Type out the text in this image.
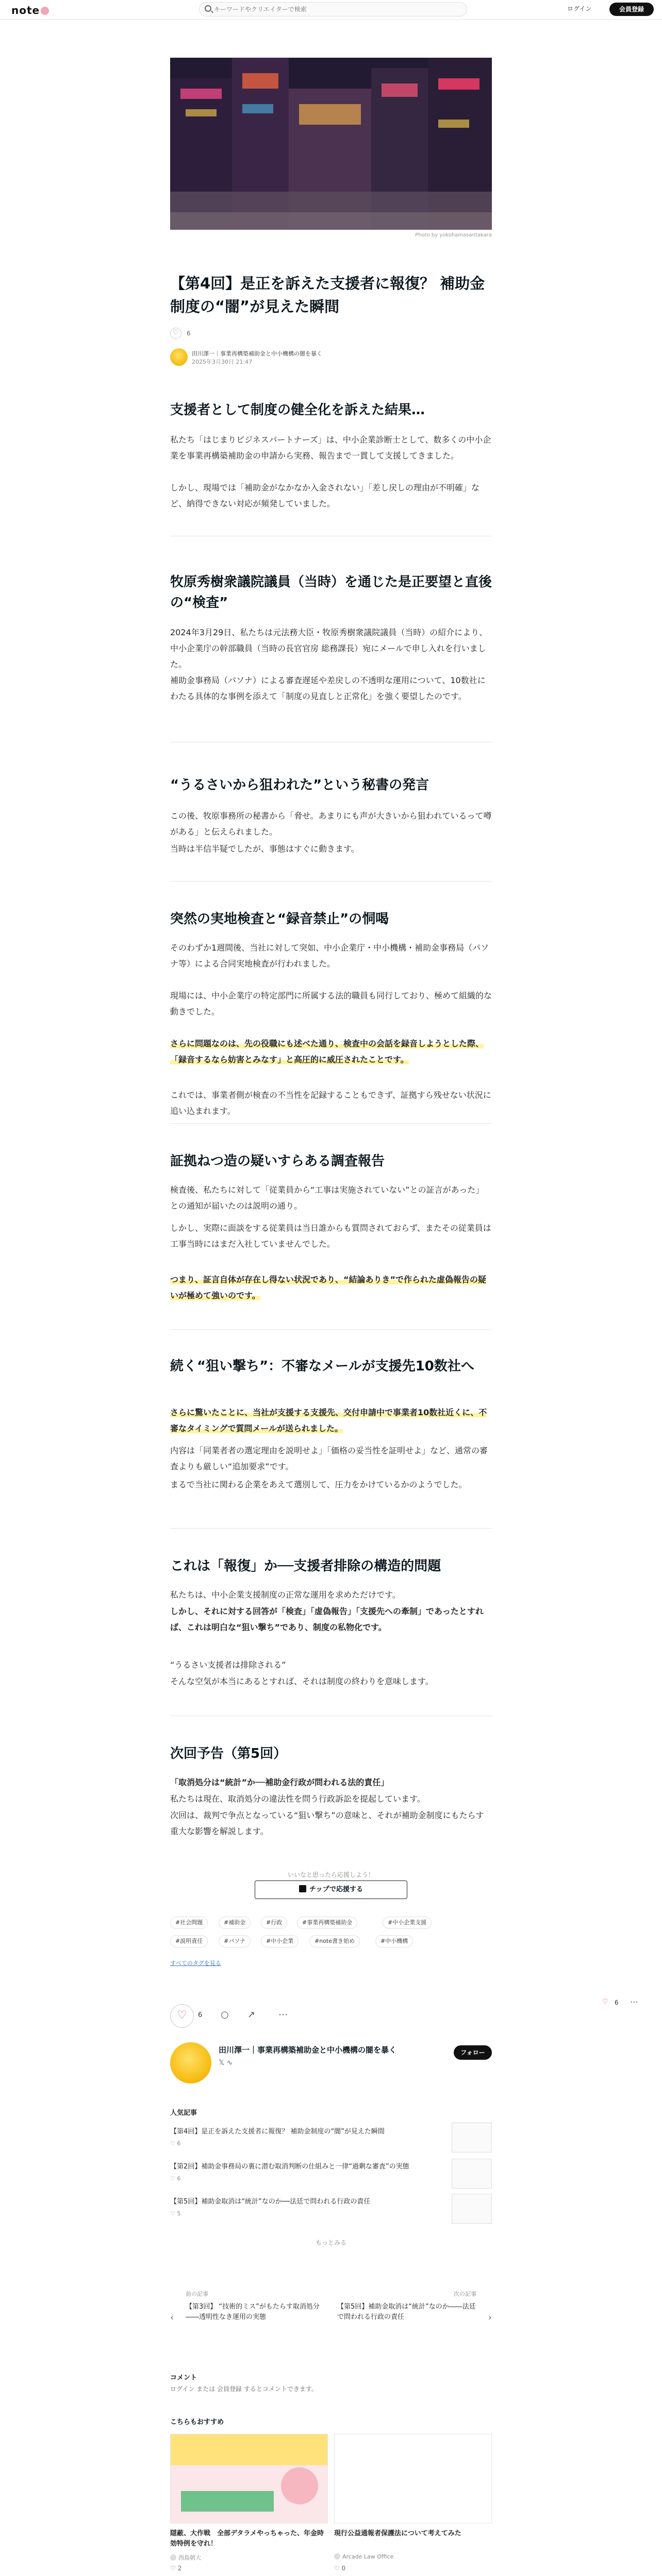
note
キーワードやクリエイターで検索	ログイン	会員登録
Photo by yokohamasantakara
【第4回】是正を訴えた支援者に報復？ 補助金制度の“闇”が見えた瞬間
♡
6
田川澤一｜事業再構築補助金と中小機構の闇を暴く
2025年3月30日 21:47
支援者として制度の健全化を訴えた結果…

私たち「はじまりビジネスパートナーズ」は、中小企業診断士として、数多くの中小企業を事業再構築補助金の申請から実務、報告まで一貫して支援してきました。

しかし、現場では「補助金がなかなか入金されない」「差し戻しの理由が不明確」など、納得できない対応が頻発していました。

牧原秀樹衆議院議員（当時）を通じた是正要望と直後の“検査”

2024年3月29日、私たちは元法務大臣・牧原秀樹衆議院議員（当時）の紹介により、中小企業庁の幹部職員（当時の長官官房 総務課長）宛にメールで申し入れを行いました。

補助金事務局（パソナ）による審査遅延や差戻しの不透明な運用について、10数社にわたる具体的な事例を添えて「制度の見直しと正常化」を強く要望したのです。

“うるさいから狙われた”という秘書の発言

この後、牧原事務所の秘書から「脅せ。あまりにも声が大きいから狙われているって噂がある」と伝えられました。

当時は半信半疑でしたが、事態はすぐに動きます。

突然の実地検査と“録音禁止”の恫喝

そのわずか1週間後、当社に対して突如、中小企業庁・中小機構・補助金事務局（パソナ等）による合同実地検査が行われました。

現場には、中小企業庁の特定部門に所属する法的職員も同行しており、極めて組織的な動きでした。

さらに問題なのは、先の役職にも述べた通り、検査中の会話を録音しようとした際、「録音するなら妨害とみなす」と高圧的に威圧されたことです。

これでは、事業者側が検査の不当性を記録することもできず、証拠すら残せない状況に追い込まれます。

証拠ねつ造の疑いすらある調査報告

検査後、私たちに対して「従業員から“工事は実施されていない”との証言があった」との通知が届いたのは説明の通り。

しかし、実際に面談をする従業員は当日誰からも質問されておらず、またその従業員は工事当時にはまだ入社していませんでした。

つまり、証言自体が存在し得ない状況であり、“結論ありき”で作られた虚偽報告の疑いが極めて強いのです。

続く“狙い撃ち”：不審なメールが支援先10数社へ

さらに驚いたことに、当社が支援する支援先、交付申請中で事業者10数社近くに、不審なタイミングで質問メールが送られました。

内容は「同業者者の選定理由を説明せよ」「価格の妥当性を証明せよ」など、通常の審査よりも厳しい“追加要求”です。

まるで当社に関わる企業をあえて選別して、圧力をかけているかのようでした。

これは「報復」か──支援者排除の構造的問題

私たちは、中小企業支援制度の正常な運用を求めただけです。

しかし、それに対する回答が「検査」「虚偽報告」「支援先への牽制」であったとすれば、これは明白な“狙い撃ち”であり、制度の私物化です。

“うるさい支援者は排除される”

そんな空気が本当にあるとすれば、それは制度の終わりを意味します。

次回予告（第5回）

「取消処分は“統計”か──補助金行政が問われる法的責任」

私たちは現在、取消処分の違法性を問う行政訴訟を提起しています。

次回は、裁判で争点となっている“狙い撃ち”の意味と、それが補助金制度にもたらす重大な影響を解説します。

いいなと思ったら応援しよう！
チップで応援する
#社会問題	#補助金	#行政	#事業再構築補助金	#中小企業支援
#説明責任	#パソナ	#中小企業	#note書き始め	#中小機構
すべてのタグを見る
♡
6 ○ ↗ ⋯
♡ 6 ⋯
田川澤一｜事業再構築補助金と中小機構の闇を暴く
𝕏 ∿
フォロー
人気記事
【第4回】是正を訴えた支援者に報復？ 補助金制度の“闇”が見えた瞬間
♡ 6
【第2回】補助金事務局の裏に潜む取消判断の仕組みと一律“過剰な審査”の実態
♡ 6
【第5回】補助金取消は“統計”なのか──法廷で問われる行政の責任
♡ 5
もっとみる
‹
前の記事
【第3回】 “技術的ミス”がもたらす取消処分――透明性なき運用の実態
次の記事
【第5回】補助金取消は“統計”なのか――法廷で問われる行政の責任	›
コメント
ログイン または 会員登録 するとコメントできます。
こちらもおすすめ
隠蔽、大作戦　全部デタラメやっちゃった、年金時効特例を守れ！
西島朝大
♡ 2
現行公益通報者保護法について考えてみた
Arcade Law Office
♡ 0
